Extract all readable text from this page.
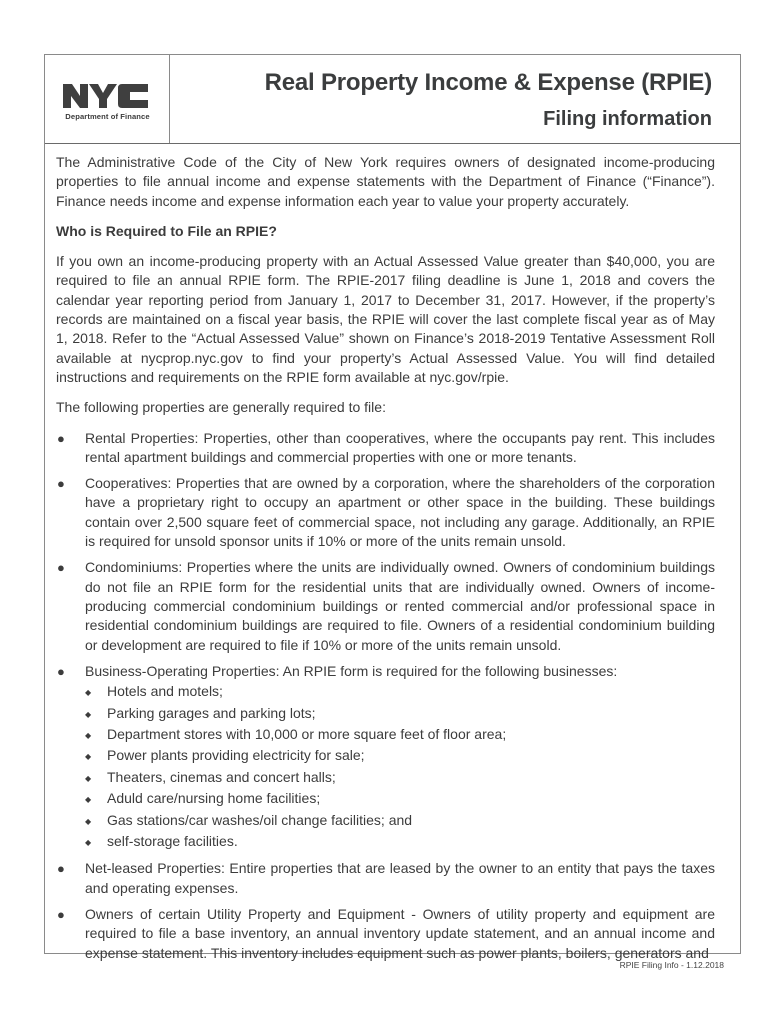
Department of Finance
Real Property Income & Expense (RPIE)
Filing information

The Administrative Code of the City of New York requires owners of designated income-producing properties to file annual income and expense statements with the Department of Finance (“Finance”). Finance needs income and expense information each year to value your property accurately.

Who is Required to File an RPIE?

If you own an income-producing property with an Actual Assessed Value greater than $40,000, you are required to file an annual RPIE form. The RPIE-2017 filing deadline is June 1, 2018 and covers the calendar year reporting period from January 1, 2017 to December 31, 2017. However, if the property’s records are maintained on a fiscal year basis, the RPIE will cover the last complete fiscal year as of May 1, 2018. Refer to the “Actual Assessed Value” shown on Finance’s 2018-2019 Tentative Assessment Roll available at nycprop.nyc.gov to find your property’s Actual Assessed Value. You will find detailed instructions and requirements on the RPIE form available at nyc.gov/rpie.

The following properties are generally required to file:

● Rental Properties: Properties, other than cooperatives, where the occupants pay rent. This includes rental apartment buildings and commercial properties with one or more tenants.
● Cooperatives: Properties that are owned by a corporation, where the shareholders of the corporation have a proprietary right to occupy an apartment or other space in the building. These buildings contain over 2,500 square feet of commercial space, not including any garage. Additionally, an RPIE is required for unsold sponsor units if 10% or more of the units remain unsold.
● Condominiums: Properties where the units are individually owned. Owners of condominium buildings do not file an RPIE form for the residential units that are individually owned. Owners of income-producing commercial condominium buildings or rented commercial and/or professional space in residential condominium buildings are required to file. Owners of a residential condominium building or development are required to file if 10% or more of the units remain unsold.
● Business-Operating Properties: An RPIE form is required for the following businesses:
◆ Hotels and motels;
◆ Parking garages and parking lots;
◆ Department stores with 10,000 or more square feet of floor area;
◆ Power plants providing electricity for sale;
◆ Theaters, cinemas and concert halls;
◆ Aduld care/nursing home facilities;
◆ Gas stations/car washes/oil change facilities; and
◆ self-storage facilities.
● Net-leased Properties: Entire properties that are leased by the owner to an entity that pays the taxes and operating expenses.
● Owners of certain Utility Property and Equipment - Owners of utility property and equipment are required to file a base inventory, an annual inventory update statement, and an annual income and expense statement. This inventory includes equipment such as power plants, boilers, generators and
RPIE Filing Info - 1.12.2018
